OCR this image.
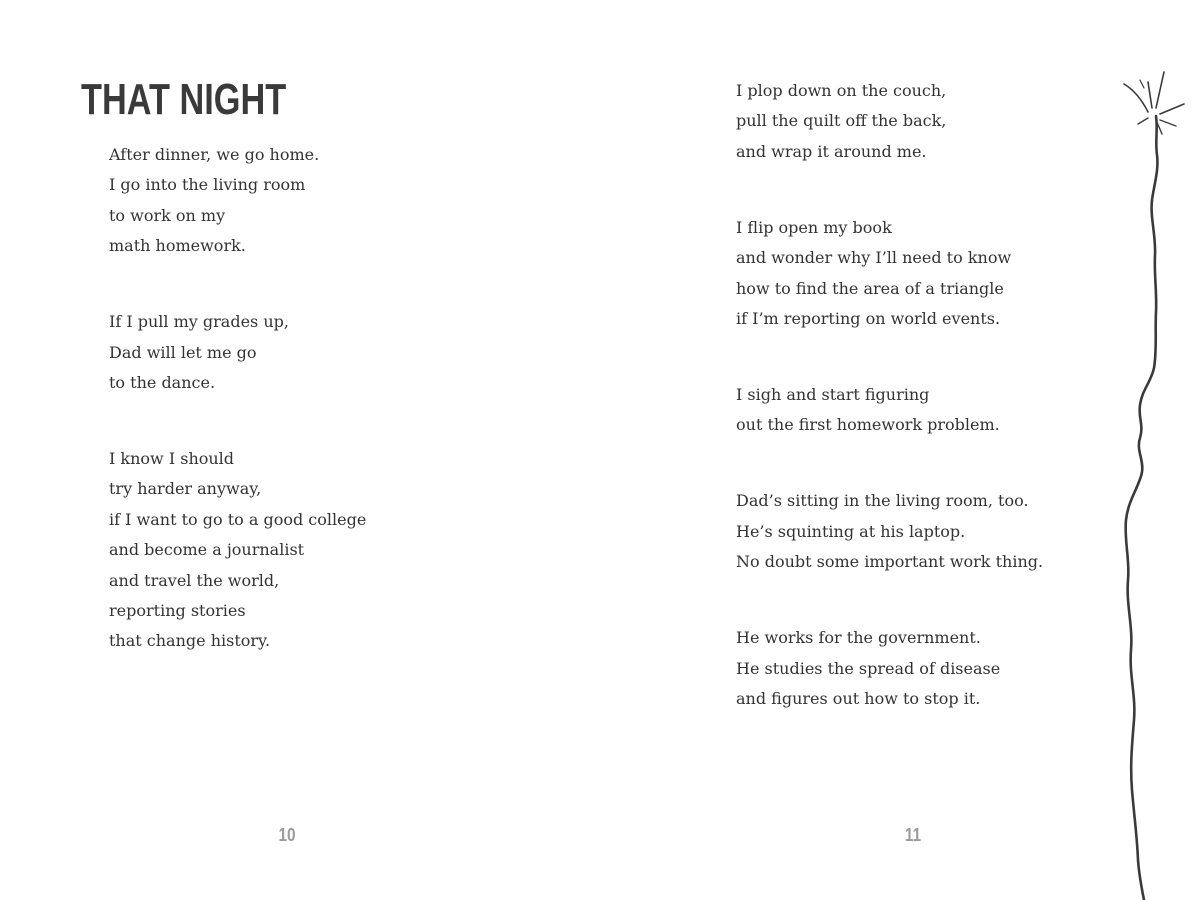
THAT NIGHT
After dinner, we go home.
I go into the living room
to work on my
math homework.
If I pull my grades up,
Dad will let me go
to the dance.
I know I should
try harder anyway,
if I want to go to a good college
and become a journalist
and travel the world,
reporting stories
that change history.

10

I plop down on the couch,
pull the quilt off the back,
and wrap it around me.
I flip open my book
and wonder why I’ll need to know
how to find the area of a triangle
if I’m reporting on world events.
I sigh and start figuring
out the first homework problem.
Dad’s sitting in the living room, too.
He’s squinting at his laptop.
No doubt some important work thing.
He works for the government.
He studies the spread of disease
and figures out how to stop it.

11
